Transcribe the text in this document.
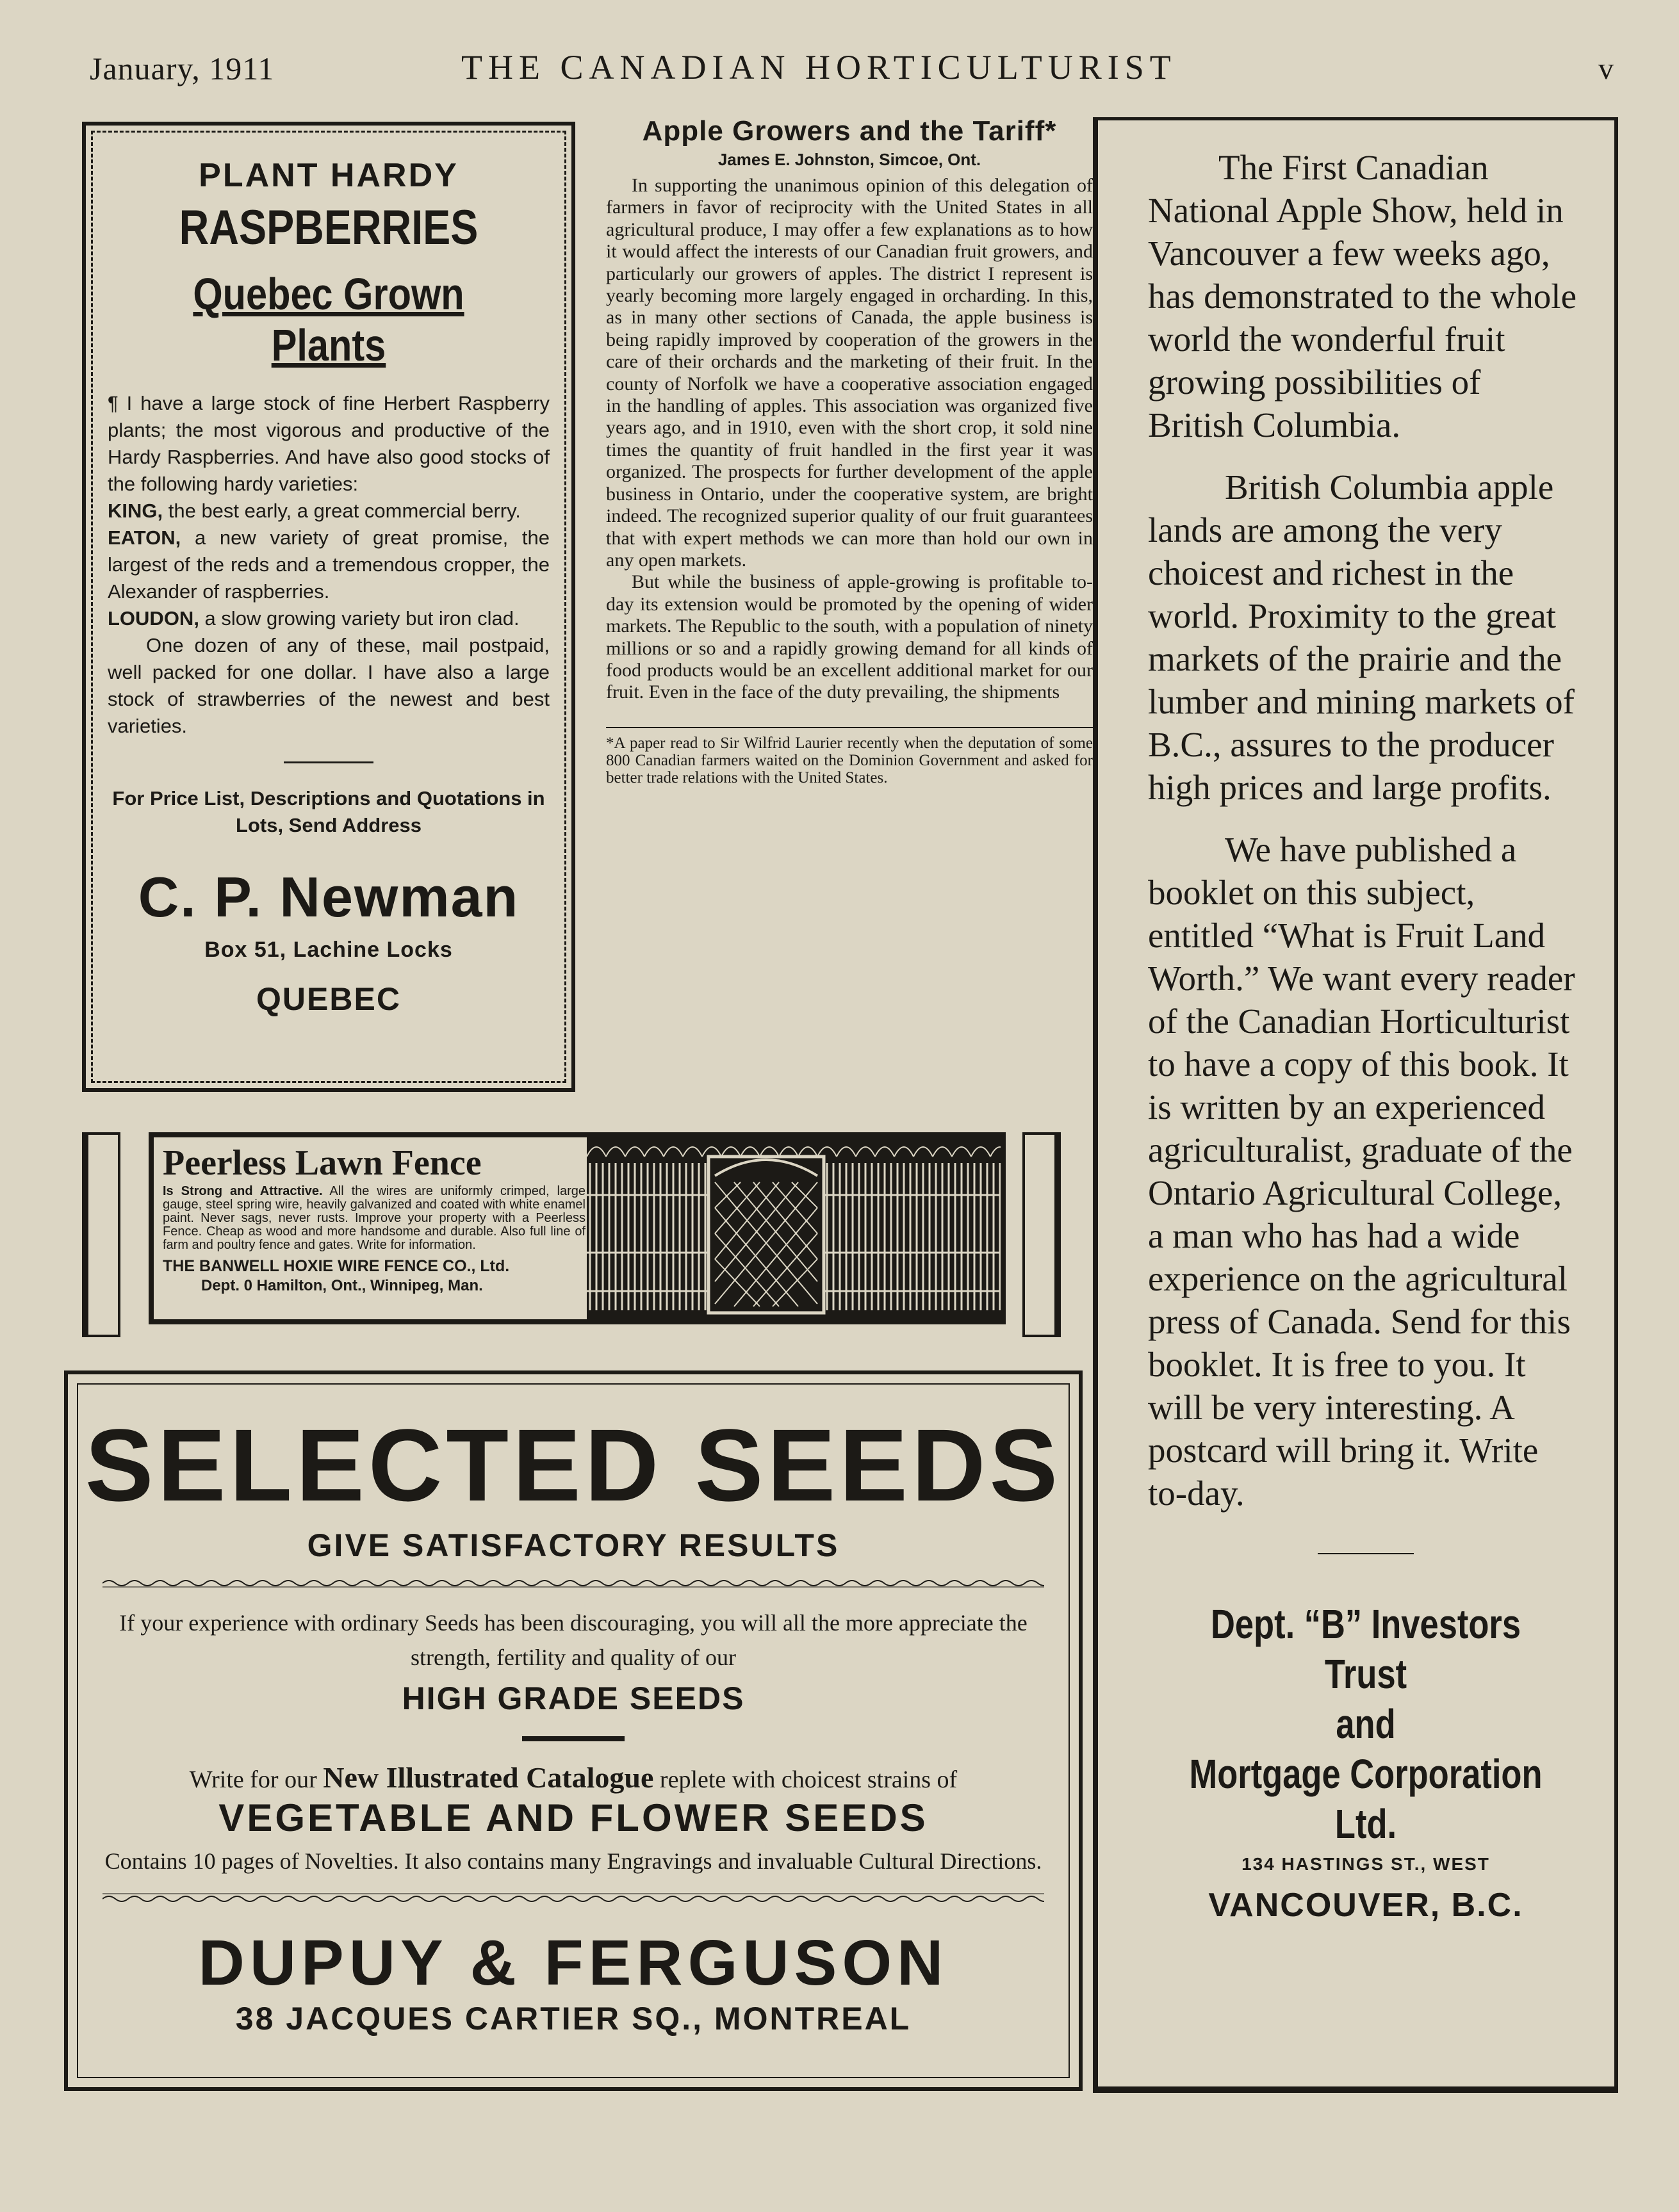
January, 1911	THE CANADIAN HORTICULTURIST	v
PLANT HARDY
RASPBERRIES
Quebec Grown Plants

¶ I have a large stock of fine Herbert Raspberry plants; the most vigorous and productive of the Hardy Raspberries. And have also good stocks of the following hardy varieties:

KING, the best early, a great commercial berry.

EATON, a new variety of great promise, the largest of the reds and a tremendous cropper, the Alexander of raspberries.

LOUDON, a slow growing variety but iron clad.

One dozen of any of these, mail postpaid, well packed for one dollar. I have also a large stock of strawberries of the newest and best varieties.

For Price List, Descriptions and Quotations in Lots, Send Address

C. P. Newman
Box 51, Lachine Locks
QUEBEC
Apple Growers and the Tariff*
James E. Johnston, Simcoe, Ont.

In supporting the unanimous opinion of this delegation of farmers in favor of reciprocity with the United States in all agricultural produce, I may offer a few explanations as to how it would affect the interests of our Canadian fruit growers, and particularly our growers of apples. The district I represent is yearly becoming more largely engaged in orcharding. In this, as in many other sections of Canada, the apple business is being rapidly improved by cooperation of the growers in the care of their orchards and the marketing of their fruit. In the county of Norfolk we have a cooperative association engaged in the handling of apples. This association was organized five years ago, and in 1910, even with the short crop, it sold nine times the quantity of fruit handled in the first year it was organized. The prospects for further development of the apple business in Ontario, under the cooperative system, are bright indeed. The recognized superior quality of our fruit guarantees that with expert methods we can more than hold our own in any open markets.

But while the business of apple-growing is profitable to-day its extension would be promoted by the opening of wider markets. The Republic to the south, with a population of ninety millions or so and a rapidly growing demand for all kinds of food products would be an excellent additional market for our fruit. Even in the face of the duty prevailing, the shipments

*A paper read to Sir Wilfrid Laurier recently when the deputation of some 800 Canadian farmers waited on the Dominion Government and asked for better trade relations with the United States.
Peerless Lawn Fence
Is Strong and Attractive. All the wires are uniformly crimped, large gauge, steel spring wire, heavily galvanized and coated with white enamel paint. Never sags, never rusts. Improve your property with a Peerless Fence. Cheap as wood and more handsome and durable. Also full line of farm and poultry fence and gates. Write for information.
THE BANWELL HOXIE WIRE FENCE CO., Ltd.
Dept. 0 Hamilton, Ont., Winnipeg, Man.
SELECTED SEEDS
GIVE SATISFACTORY RESULTS
If your experience with ordinary Seeds has been discouraging, you will all the more appreciate the strength, fertility and quality of our
HIGH GRADE SEEDS
Write for our New Illustrated Catalogue replete with choicest strains of
VEGETABLE AND FLOWER SEEDS
Contains 10 pages of Novelties. It also contains many Engravings and invaluable Cultural Directions.
DUPUY & FERGUSON
38 JACQUES CARTIER SQ., MONTREAL

The First Canadian National Apple Show, held in Vancouver a few weeks ago, has demonstrated to the whole world the wonderful fruit growing possibilities of British Columbia.

British Columbia apple lands are among the very choicest and richest in the world. Proximity to the great markets of the prairie and the lumber and mining markets of B.C., assures to the producer high prices and large profits.

We have published a booklet on this subject, entitled “What is Fruit Land Worth.” We want every reader of the Canadian Horticulturist to have a copy of this book. It is written by an experienced agriculturalist, graduate of the Ontario Agricultural College, a man who has had a wide experience on the agricultural press of Canada. Send for this booklet. It is free to you. It will be very interesting. A postcard will bring it. Write to-day.

Dept. “B” Investors Trust
and
Mortgage Corporation Ltd.
134 HASTINGS ST., WEST
VANCOUVER, B.C.
